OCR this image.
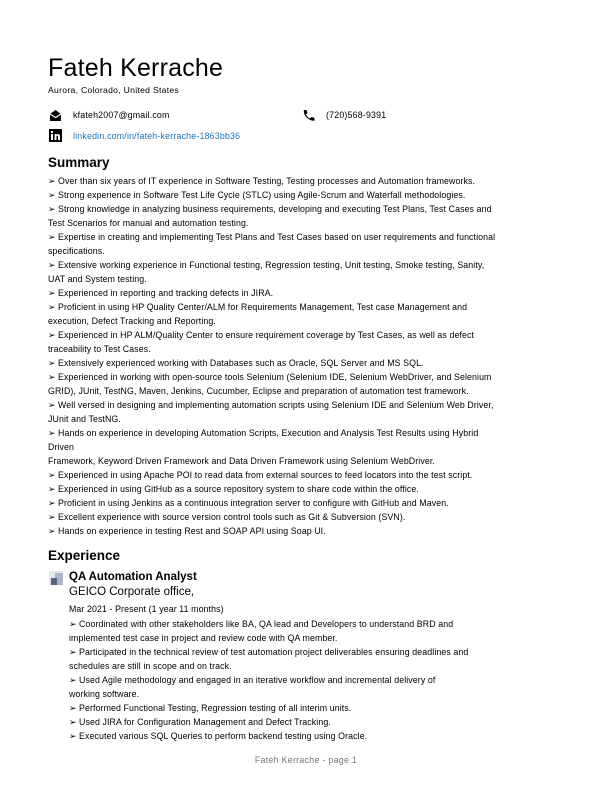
Fateh Kerrache
Aurora, Colorado, United States
kfateh2007@gmail.com	(720)568-9391
linkedin.com/in/fateh-kerrache-1863bb36
Summary
➢ Over than six years of IT experience in Software Testing, Testing processes and Automation frameworks.
➢ Strong experience in Software Test Life Cycle (STLC) using Agile-Scrum and Waterfall methodologies.
➢ Strong knowledge in analyzing business requirements, developing and executing Test Plans, Test Cases and
Test Scenarios for manual and automation testing.
➢ Expertise in creating and implementing Test Plans and Test Cases based on user requirements and functional
specifications.
➢ Extensive working experience in Functional testing, Regression testing, Unit testing, Smoke testing, Sanity,
UAT and System testing.
➢ Experienced in reporting and tracking defects in JIRA.
➢ Proficient in using HP Quality Center/ALM for Requirements Management, Test case Management and
execution, Defect Tracking and Reporting.
➢ Experienced in HP ALM/Quality Center to ensure requirement coverage by Test Cases, as well as defect
traceability to Test Cases.
➢ Extensively experienced working with Databases such as Oracle, SQL Server and MS SQL.
➢ Experienced in working with open-source tools Selenium (Selenium IDE, Selenium WebDriver, and Selenium
GRID), JUnit, TestNG, Maven, Jenkins, Cucumber, Eclipse and preparation of automation test framework.
➢ Well versed in designing and implementing automation scripts using Selenium IDE and Selenium Web Driver,
JUnit and TestNG.
➢ Hands on experience in developing Automation Scripts, Execution and Analysis Test Results using Hybrid
Driven
Framework, Keyword Driven Framework and Data Driven Framework using Selenium WebDriver.
➢ Experienced in using Apache POI to read data from external sources to feed locators into the test script.
➢ Experienced in using GitHub as a source repository system to share code within the office.
➢ Proficient in using Jenkins as a continuous integration server to configure with GitHub and Maven.
➢ Excellent experience with source version control tools such as Git & Subversion (SVN).
➢ Hands on experience in testing Rest and SOAP API using Soap UI.
Experience
QA Automation Analyst
GEICO Corporate office,
Mar 2021 - Present (1 year 11 months)
➢ Coordinated with other stakeholders like BA, QA lead and Developers to understand BRD and
implemented test case in project and review code with QA member.
➢ Participated in the technical review of test automation project deliverables ensuring deadlines and
schedules are still in scope and on track.
➢ Used Agile methodology and engaged in an iterative workflow and incremental delivery of
working software.
➢ Performed Functional Testing, Regression testing of all interim units.
➢ Used JIRA for Configuration Management and Defect Tracking.
➢ Executed various SQL Queries to perform backend testing using Oracle.
Fateh Kerrache - page 1
